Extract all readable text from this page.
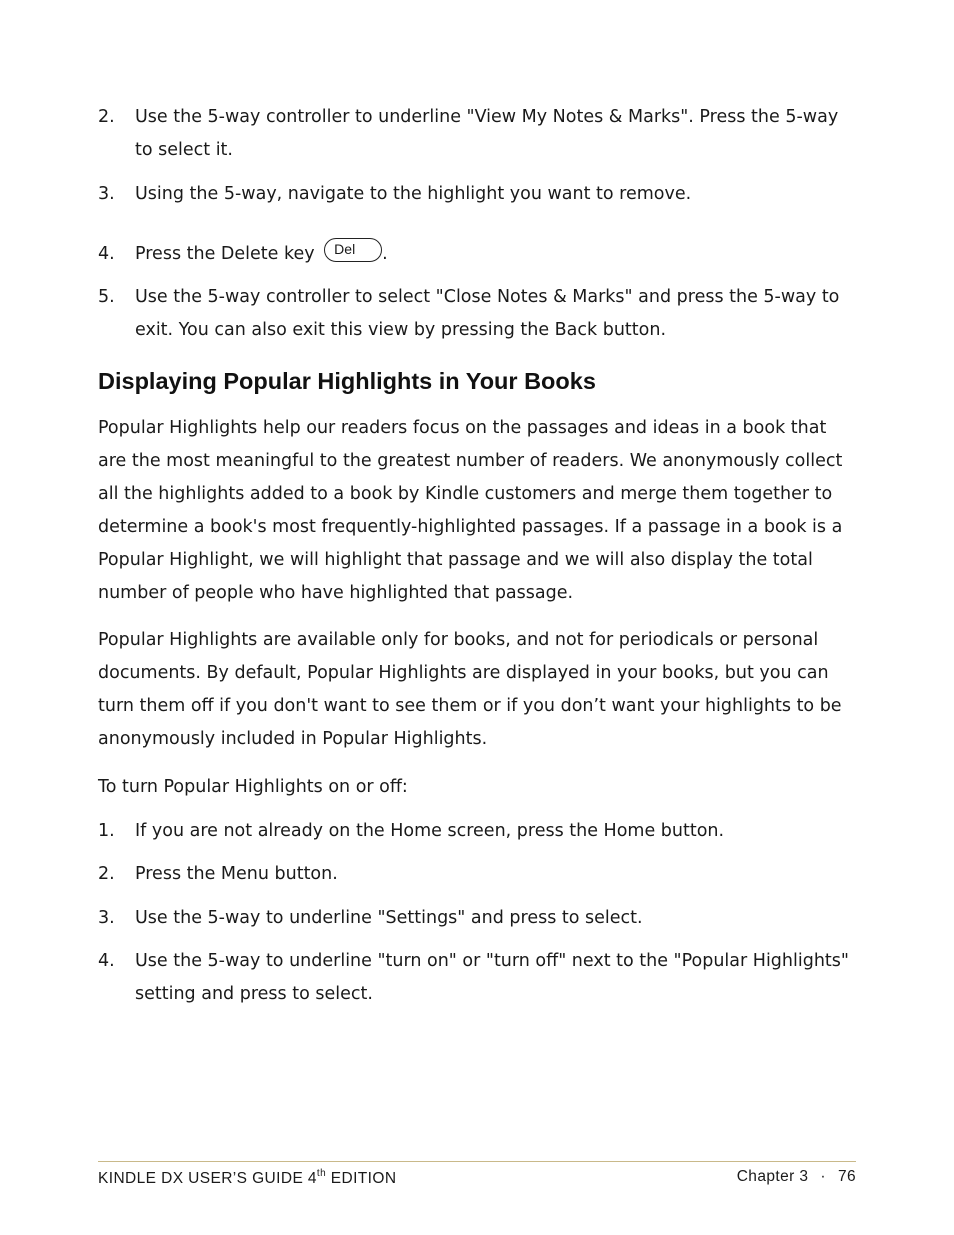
2. Use the 5-way controller to underline "View My Notes & Marks". Press the 5-way to select it.
3. Using the 5-way, navigate to the highlight you want to remove.
4. Press the Delete key Del .
5. Use the 5-way controller to select "Close Notes & Marks" and press the 5-way to exit. You can also exit this view by pressing the Back button.
Displaying Popular Highlights in Your Books

Popular Highlights help our readers focus on the passages and ideas in a book that are the most meaningful to the greatest number of readers. We anonymously collect all the highlights added to a book by Kindle customers and merge them together to determine a book's most frequently-highlighted passages. If a passage in a book is a Popular Highlight, we will highlight that passage and we will also display the total number of people who have highlighted that passage.

Popular Highlights are available only for books, and not for periodicals or personal documents. By default, Popular Highlights are displayed in your books, but you can turn them off if you don't want to see them or if you don’t want your highlights to be anonymously included in Popular Highlights.

To turn Popular Highlights on or off:

1. If you are not already on the Home screen, press the Home button.
2. Press the Menu button.
3. Use the 5-way to underline "Settings" and press to select.
4. Use the 5-way to underline "turn on" or "turn off" next to the "Popular Highlights" setting and press to select.
KINDLE DX USER’S GUIDE 4th EDITION	Chapter 3 · 76
